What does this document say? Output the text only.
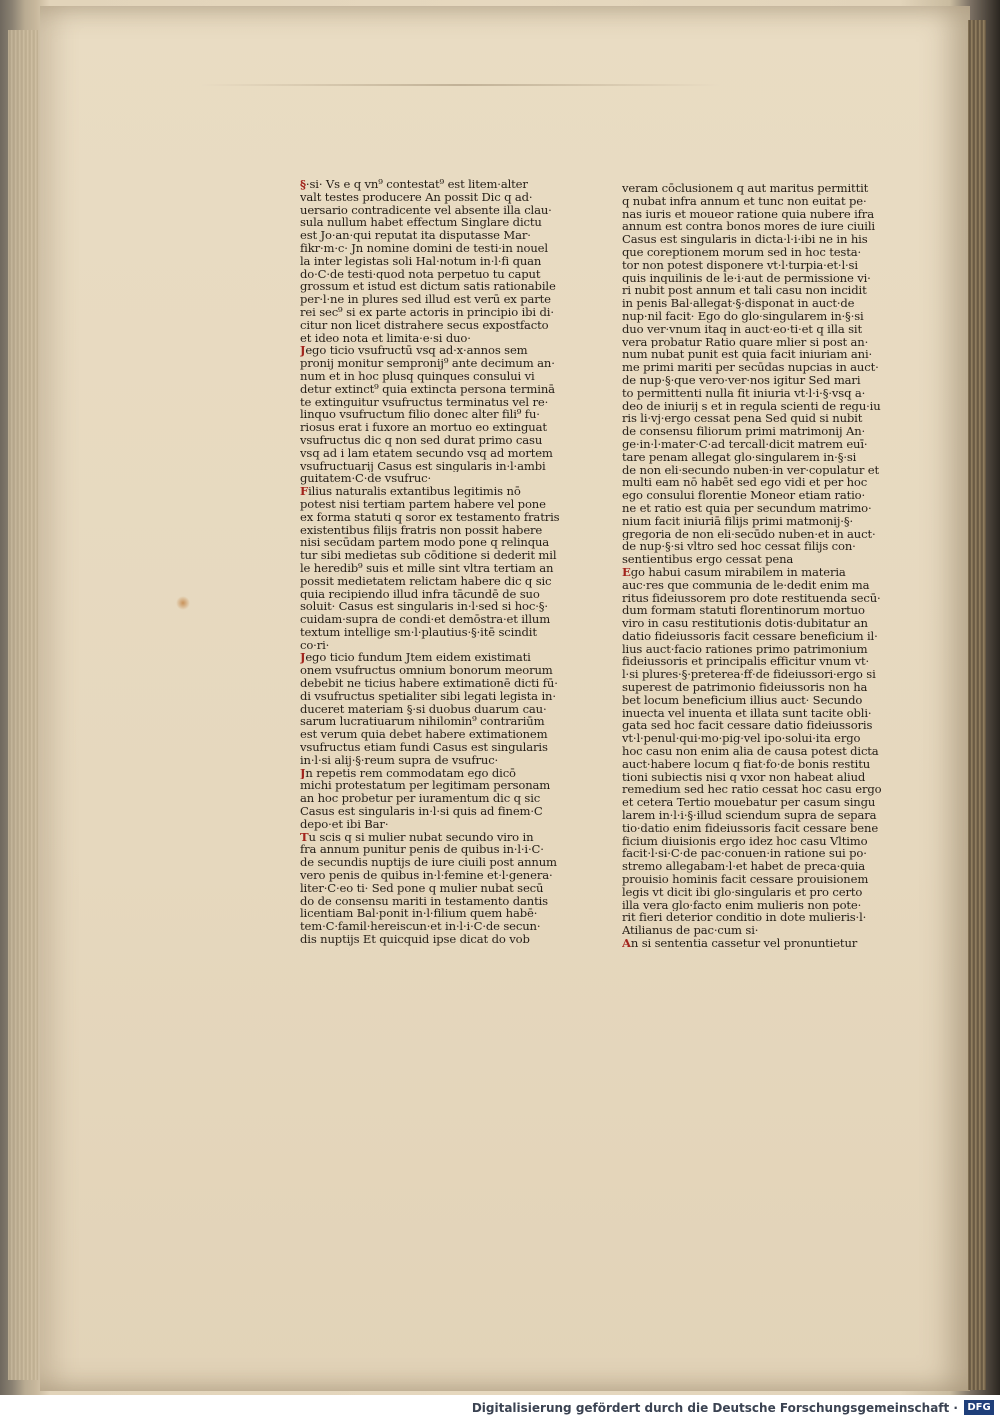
§·si· Vs e q vn⁹ contestat⁹ est litem·alter
valt testes producere An possit Dic q ad·
uersario contradicente vel absente illa clau·
sula nullum habet effectum Singlare dictu
est Jo·an·qui reputat ita disputasse Mar·
fikr·m·c· Jn nomine domini de testi·in nouel
la inter legistas soli Hal·notum in·l·fi quan
do·C·de testi·quod nota perpetuo tu caput
grossum et istud est dictum satis rationabile
per·l·ne in plures sed illud est verū ex parte
rei sec⁹ si ex parte actoris in principio ibi di·
citur non licet distrahere secus expostfacto
et ideo nota et limita·e·si duo·
Jego ticio vsufructū vsq ad·x·annos sem
pronij monitur sempronij⁹ ante decimum an·
num et in hoc plusq quinques consului vi
detur extinct⁹ quia extincta persona terminā
te extinguitur vsufructus terminatus vel re·
linquo vsufructum filio donec alter fili⁹ fu·
riosus erat i fuxore an mortuo eo extinguat
vsufructus dic q non sed durat primo casu
vsq ad i lam etatem secundo vsq ad mortem
vsufructuarij Casus est singularis in·l·ambi
guitatem·C·de vsufruc·
Filius naturalis extantibus legitimis nō
potest nisi tertiam partem habere vel pone
ex forma statuti q soror ex testamento fratris
existentibus filijs fratris non possit habere
nisi secūdam partem modo pone q relinqua
tur sibi medietas sub cōditione si dederit mil
le heredib⁹ suis et mille sint vltra tertiam an
possit medietatem relictam habere dic q sic
quia recipiendo illud infra tācundē de suo
soluit· Casus est singularis in·l·sed si hoc·§·
cuidam·supra de condi·et demōstra·et illum
textum intellige sm·l·plautius·§·itē scindit
co·ri·
Jego ticio fundum Jtem eidem existimati
onem vsufructus omnium bonorum meorum
debebit ne ticius habere extimationē dicti fū·
di vsufructus spetialiter sibi legati legista in·
duceret materiam §·si duobus duarum cau·
sarum lucratiuarum nihilomin⁹ contrariūm
est verum quia debet habere extimationem
vsufructus etiam fundi Casus est singularis
in·l·si alij·§·reum supra de vsufruc·
Jn repetis rem commodatam ego dicō
michi protestatum per legitimam personam
an hoc probetur per iuramentum dic q sic
Casus est singularis in·l·si quis ad finem·C
depo·et ibi Bar·
Tu scis q si mulier nubat secundo viro in
fra annum punitur penis de quibus in·l·i·C·
de secundis nuptijs de iure ciuili post annum
vero penis de quibus in·l·femine et·l·genera·
liter·C·eo ti· Sed pone q mulier nubat secū
do de consensu mariti in testamento dantis
licentiam Bal·ponit in·l·filium quem habē·
tem·C·famil·hereiscun·et in·l·i·C·de secun·
dis nuptijs Et quicquid ipse dicat do vob
veram cōclusionem q aut maritus permittit
q nubat infra annum et tunc non euitat pe·
nas iuris et moueor ratione quia nubere ifra
annum est contra bonos mores de iure ciuili
Casus est singularis in dicta·l·i·ibi ne in his
que coreptionem morum sed in hoc testa·
tor non potest disponere vt·l·turpia·et·l·si
quis inquilinis de le·i·aut de permissione vi·
ri nubit post annum et tali casu non incidit
in penis Bal·allegat·§·disponat in auct·de
nup·nil facit· Ego do glo·singularem in·§·si
duo ver·vnum itaq in auct·eo·ti·et q illa sit
vera probatur Ratio quare mlier si post an·
num nubat punit est quia facit iniuriam ani·
me primi mariti per secūdas nupcias in auct·
de nup·§·que vero·ver·nos igitur Sed mari
to permittenti nulla fit iniuria vt·l·i·§·vsq a·
deo de iniurij s et in regula scienti de regu·iu
ris li·vj·ergo cessat pena Sed quid si nubit
de consensu filiorum primi matrimonij An·
ge·in·l·mater·C·ad tercall·dicit matrem euī·
tare penam allegat glo·singularem in·§·si
de non eli·secundo nuben·in ver·copulatur et
multi eam nō habēt sed ego vidi et per hoc
ego consului florentie Moneor etiam ratio·
ne et ratio est quia per secundum matrimo·
nium facit iniuriā filijs primi matmonij·§·
gregoria de non eli·secūdo nuben·et in auct·
de nup·§·si vltro sed hoc cessat filijs con·
sentientibus ergo cessat pena
Ego habui casum mirabilem in materia
auc·res que communia de le·dedit enim ma
ritus fideiussorem pro dote restituenda secū·
dum formam statuti florentinorum mortuo
viro in casu restitutionis dotis·dubitatur an
datio fideiussoris facit cessare beneficium il·
lius auct·facio rationes primo patrimonium
fideiussoris et principalis efficitur vnum vt·
l·si plures·§·preterea·ff·de fideiussori·ergo si
superest de patrimonio fideiussoris non ha
bet locum beneficium illius auct· Secundo
inuecta vel inuenta et illata sunt tacite obli·
gata sed hoc facit cessare datio fideiussoris
vt·l·penul·qui·mo·pig·vel ipo·solui·ita ergo
hoc casu non enim alia de causa potest dicta
auct·habere locum q fiat·fo·de bonis restitu
tioni subiectis nisi q vxor non habeat aliud
remedium sed hec ratio cessat hoc casu ergo
et cetera Tertio mouebatur per casum singu
larem in·l·i·§·illud sciendum supra de separa
tio·datio enim fideiussoris facit cessare bene
ficium diuisionis ergo idez hoc casu Vltimo
facit·l·si·C·de pac·conuen·in ratione sui po·
stremo allegabam·l·et habet de preca·quia
prouisio hominis facit cessare prouisionem
legis vt dicit ibi glo·singularis et pro certo
illa vera glo·facto enim mulieris non pote·
rit fieri deterior conditio in dote mulieris·l·
Atilianus de pac·cum si·
An si sententia cassetur vel pronuntietur
Digitalisierung gefördert durch die Deutsche Forschungsgemeinschaft · DFG
